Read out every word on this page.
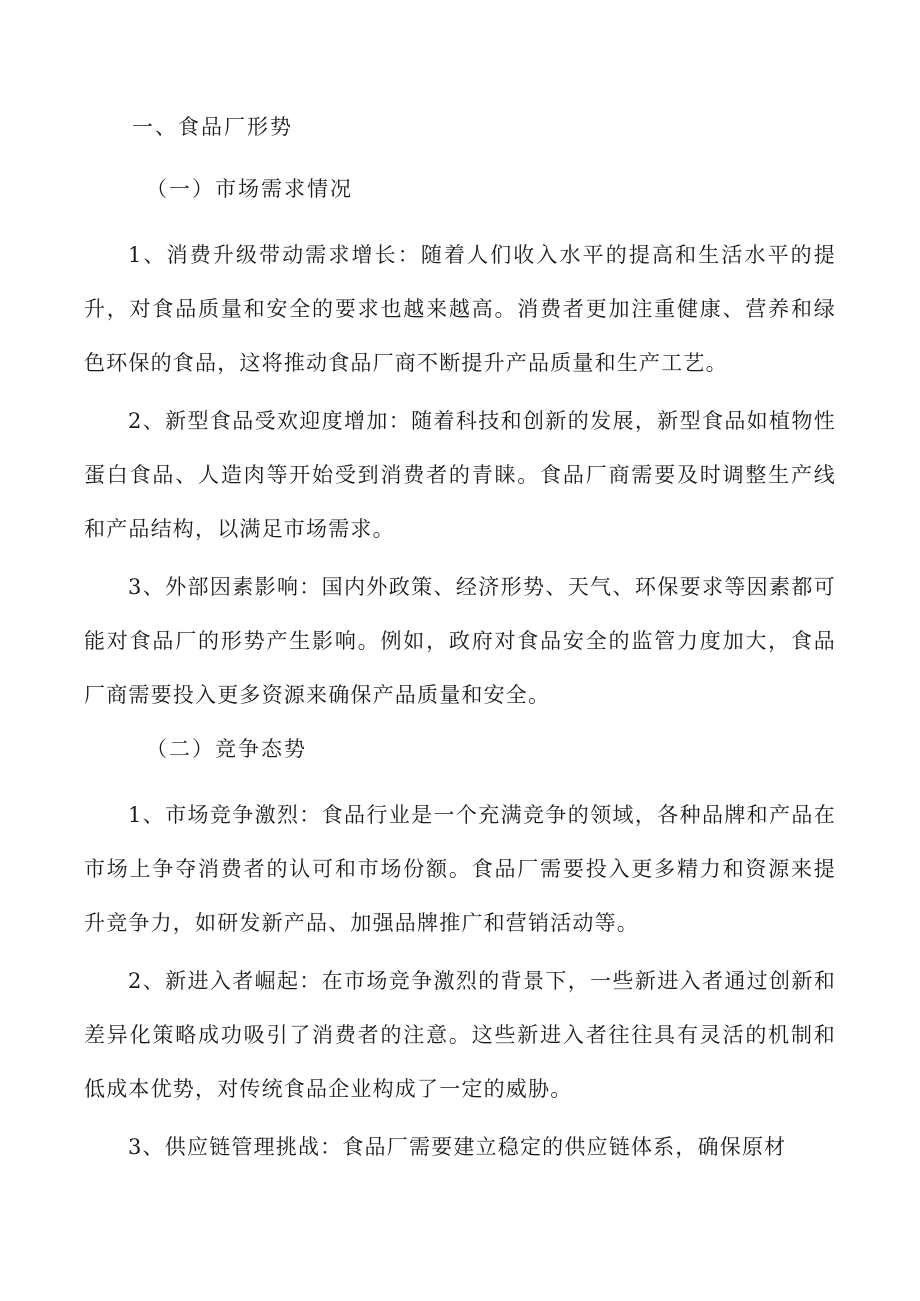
一、食品厂形势
（一）市场需求情况

1、消费升级带动需求增长：随着人们收入水平的提高和生活水平的提升，对食品质量和安全的要求也越来越高。消费者更加注重健康、营养和绿色环保的食品，这将推动食品厂商不断提升产品质量和生产工艺。

2、新型食品受欢迎度增加：随着科技和创新的发展，新型食品如植物性蛋白食品、人造肉等开始受到消费者的青睐。食品厂商需要及时调整生产线和产品结构，以满足市场需求。

3、外部因素影响：国内外政策、经济形势、天气、环保要求等因素都可能对食品厂的形势产生影响。例如，政府对食品安全的监管力度加大，食品厂商需要投入更多资源来确保产品质量和安全。

（二）竞争态势

1、市场竞争激烈：食品行业是一个充满竞争的领域，各种品牌和产品在市场上争夺消费者的认可和市场份额。食品厂需要投入更多精力和资源来提升竞争力，如研发新产品、加强品牌推广和营销活动等。

2、新进入者崛起：在市场竞争激烈的背景下，一些新进入者通过创新和差异化策略成功吸引了消费者的注意。这些新进入者往往具有灵活的机制和低成本优势，对传统食品企业构成了一定的威胁。

3、供应链管理挑战：食品厂需要建立稳定的供应链体系，确保原材
